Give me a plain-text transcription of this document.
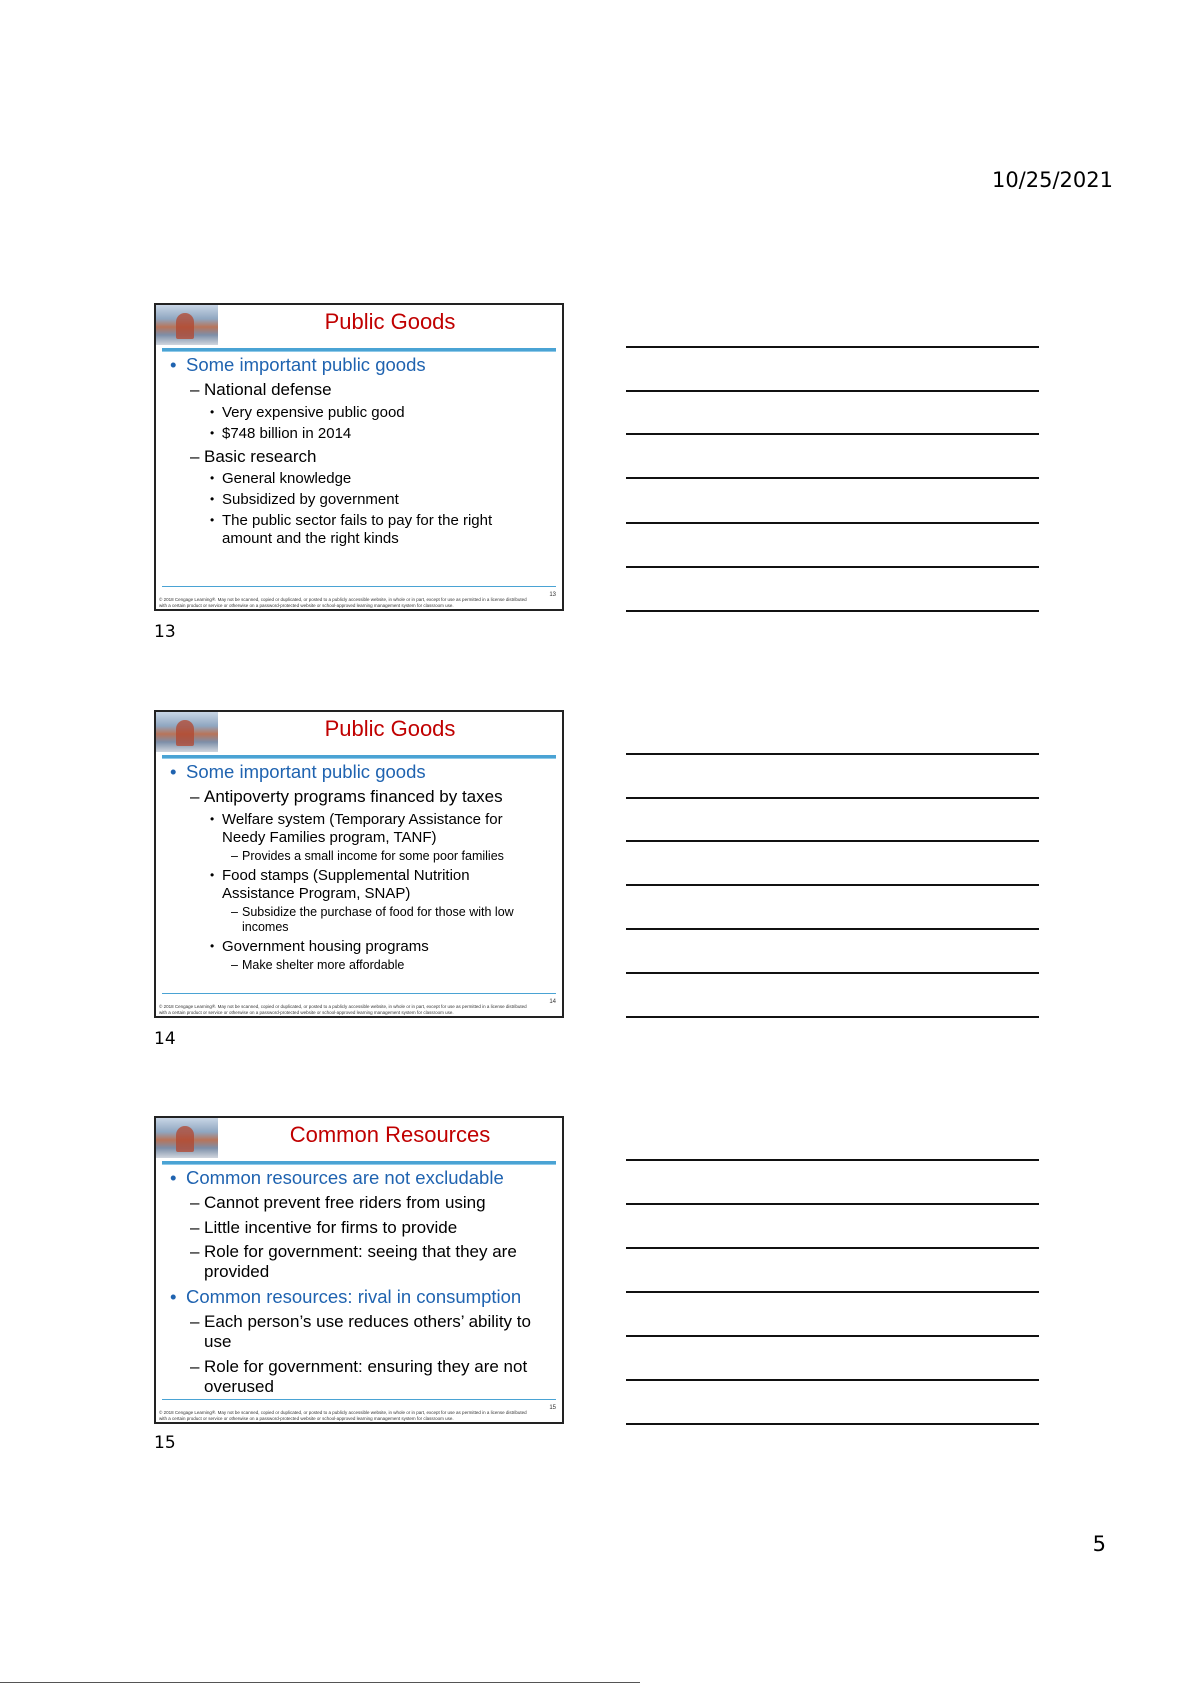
10/25/2021
Public Goods
• Some important public goods
– National defense
• Very expensive public good
• $748 billion in 2014
– Basic research
• General knowledge
• Subsidized by government
• The public sector fails to pay for the right amount and the right kinds
© 2018 Cengage Learning®. May not be scanned, copied or duplicated, or posted to a publicly accessible website, in whole or in part, except for use as permitted in a license distributed with a certain product or service or otherwise on a password-protected website or school-approved learning management system for classroom use.
13
13
Public Goods
• Some important public goods
– Antipoverty programs financed by taxes
• Welfare system (Temporary Assistance for Needy Families program, TANF)
– Provides a small income for some poor families
• Food stamps (Supplemental Nutrition Assistance Program, SNAP)
– Subsidize the purchase of food for those with low incomes
• Government housing programs
– Make shelter more affordable
© 2018 Cengage Learning®. May not be scanned, copied or duplicated, or posted to a publicly accessible website, in whole or in part, except for use as permitted in a license distributed with a certain product or service or otherwise on a password-protected website or school-approved learning management system for classroom use.
14
14
Common Resources
• Common resources are not excludable
– Cannot prevent free riders from using
– Little incentive for firms to provide
– Role for government: seeing that they are provided
• Common resources: rival in consumption
– Each person’s use reduces others’ ability to use
– Role for government: ensuring they are not overused
© 2018 Cengage Learning®. May not be scanned, copied or duplicated, or posted to a publicly accessible website, in whole or in part, except for use as permitted in a license distributed with a certain product or service or otherwise on a password-protected website or school-approved learning management system for classroom use.
15
15
5
